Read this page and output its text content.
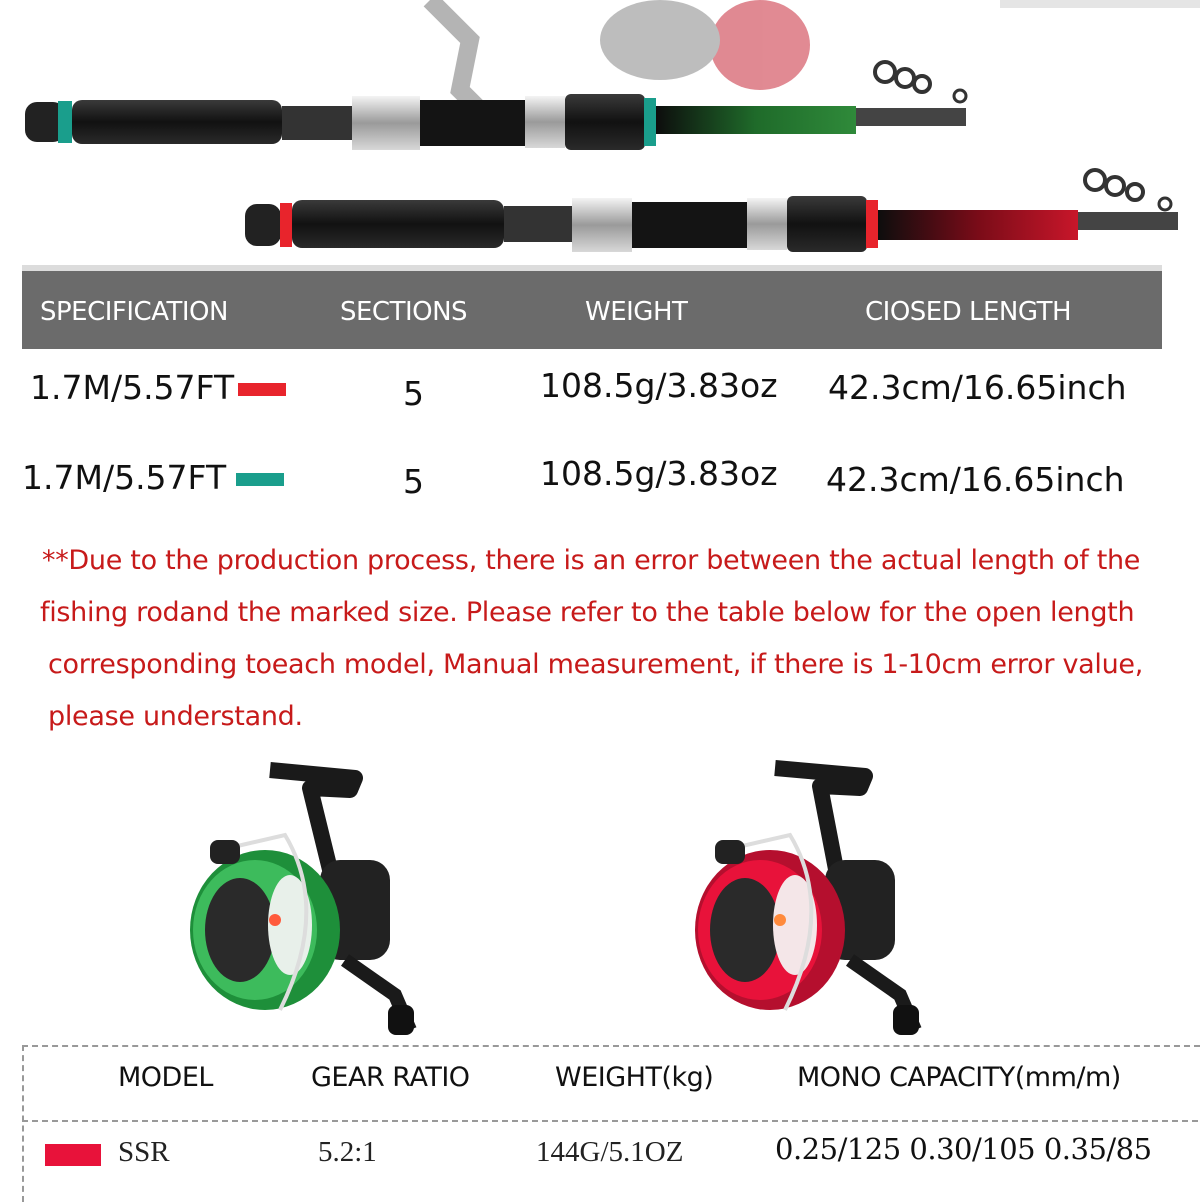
SPECIFICATION	SECTIONS	WEIGHT	CIOSED LENGTH
1.7M/5.57FT	5	108.5g/3.83oz 42.3cm/16.65inch
1.7M/5.57FT	5	108.5g/3.83oz 42.3cm/16.65inch
**Due to the production process, there is an error between the actual length of the
fishing rodand the marked size. Please refer to the table below for the open length
corresponding toeach model, Manual measurement, if there is 1-10cm error value,
please understand.
MODEL	GEAR RATIO	WEIGHT(kg)	MONO CAPACITY(mm/m)
SSR	5.2:1	144G/5.1OZ	0.25/125 0.30/105 0.35/85
